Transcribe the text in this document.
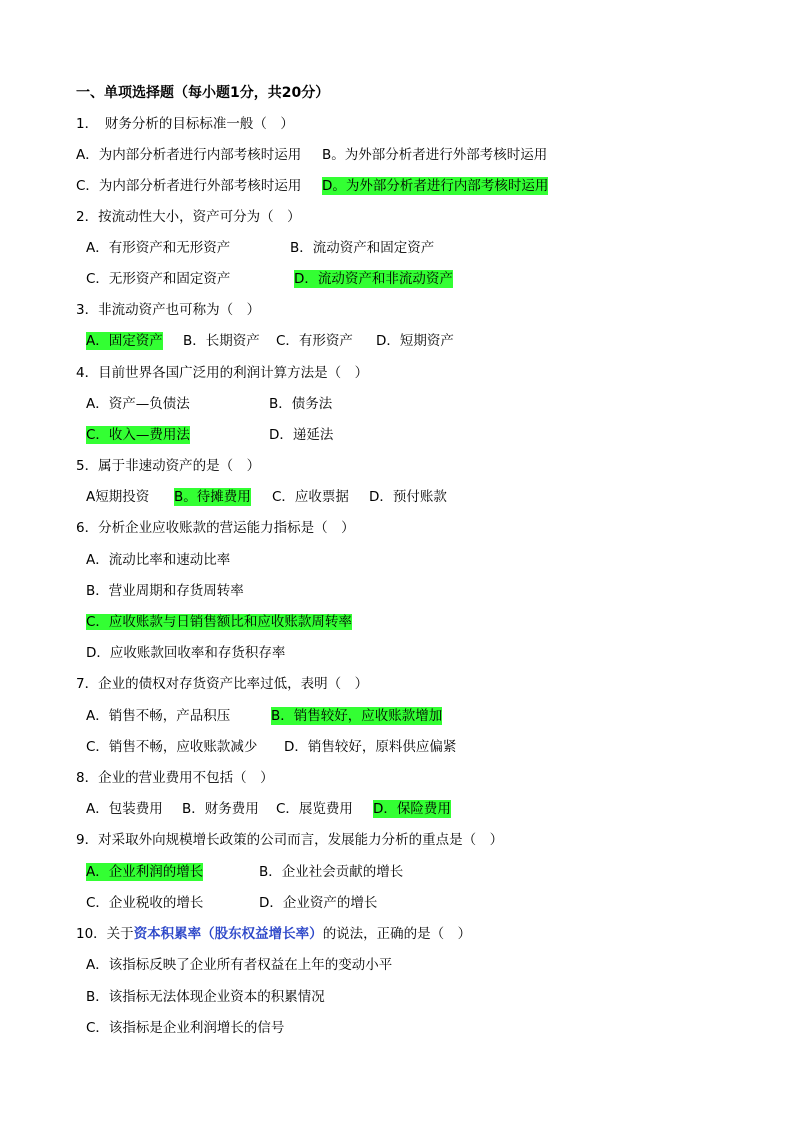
一、单项选择题（每小题1分，共20分）
1．　财务分析的目标标准一般（　）
A．为内部分析者进行内部考核时运用 B。为外部分析者进行外部考核时运用
C．为内部分析者进行外部考核时运用 D。为外部分析者进行内部考核时运用
2．按流动性大小，资产可分为（　）
A．有形资产和无形资产	B．流动资产和固定资产
C．无形资产和固定资产	D．流动资产和非流动资产
3．非流动资产也可称为（　）
A．固定资产 B．长期资产 C．有形资产 D．短期资产
4．目前世界各国广泛用的利润计算方法是（　）
A．资产—负债法	B．债务法
C．收入—费用法	D．递延法
5．属于非速动资产的是（　）
A短期投资 B。待摊费用 C．应收票据 D．预付账款
6．分析企业应收账款的营运能力指标是（　）
A．流动比率和速动比率
B．营业周期和存货周转率
C．应收账款与日销售额比和应收账款周转率
D．应收账款回收率和存货积存率
7．企业的债权对存货资产比率过低，表明（　）
A．销售不畅，产品积压	B．销售较好，应收账款增加
C．销售不畅，应收账款减少 D．销售较好，原料供应偏紧
8．企业的营业费用不包括（　）
A．包装费用 B．财务费用 C．展览费用 D．保险费用
9．对采取外向规模增长政策的公司而言，发展能力分析的重点是（　）
A．企业利润的增长	B．企业社会贡献的增长
C．企业税收的增长	D．企业资产的增长
10．关于资本积累率（股东权益增长率）的说法，正确的是（　）
A．该指标反映了企业所有者权益在上年的变动小平
B．该指标无法体现企业资本的积累情况
C．该指标是企业利润增长的信号
